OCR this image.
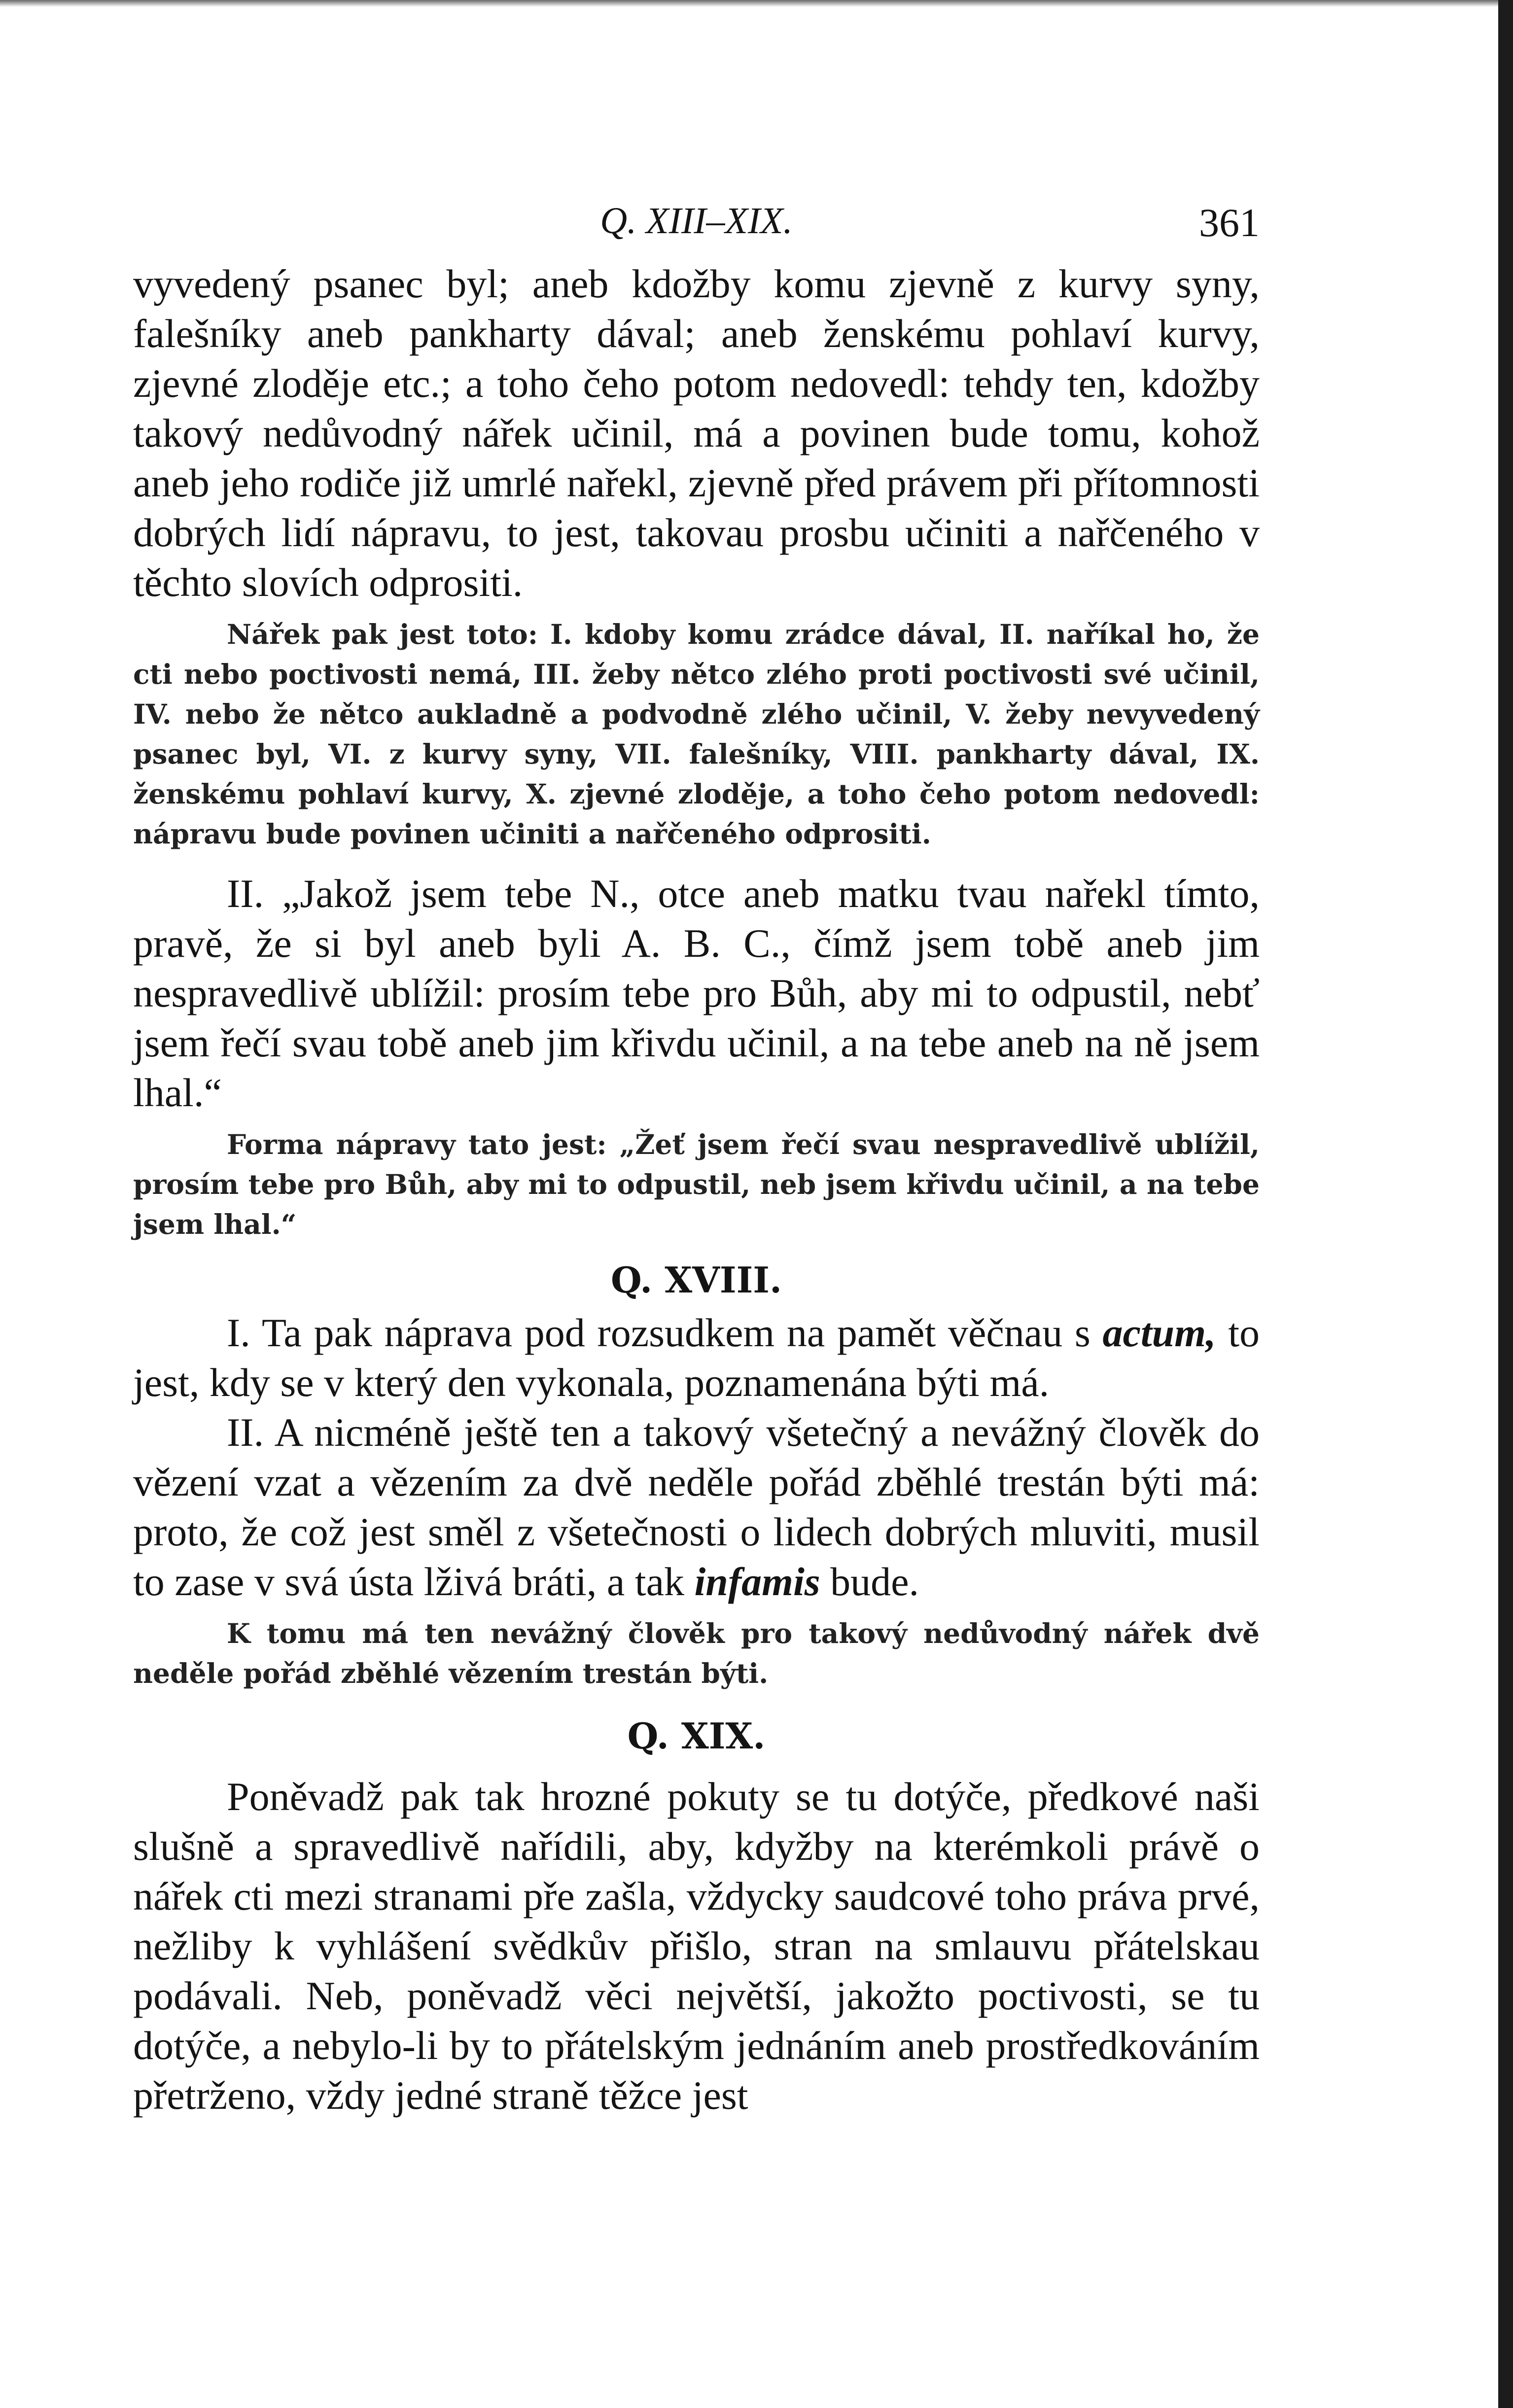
Q. XIII–XIX.	361

vyvedený psanec byl; aneb kdožby komu zjevně z kurvy syny, falešníky aneb pankharty dával; aneb ženskému pohlaví kurvy, zjevné zloděje etc.; a toho čeho potom nedovedl: tehdy ten, kdožby takový nedůvodný nářek učinil, má a povinen bude tomu, kohož aneb jeho rodiče již umrlé nařekl, zjevně před právem při přítomnosti dobrých lidí nápravu, to jest, takovau prosbu učiniti a nařčeného v těchto slovích odprositi.

Nářek pak jest toto: I. kdoby komu zrádce dával, II. naříkal ho, že cti nebo poctivosti nemá, III. žeby nětco zlého proti poctivosti své učinil, IV. nebo že nětco aukladně a podvodně zlého učinil, V. žeby nevyvedený psanec byl, VI. z kurvy syny, VII. falešníky, VIII. pankharty dával, IX. ženskému pohlaví kurvy, X. zjevné zloděje, a toho čeho potom nedovedl: nápravu bude povinen učiniti a nařčeného odprositi.

II. „Jakož jsem tebe N., otce aneb matku tvau nařekl tímto, pravě, že si byl aneb byli A. B. C., čímž jsem tobě aneb jim nespravedlivě ublížil: prosím tebe pro Bůh, aby mi to odpustil, nebť jsem řečí svau tobě aneb jim křivdu učinil, a na tebe aneb na ně jsem lhal.“

Forma nápravy tato jest: „Žeť jsem řečí svau nespravedlivě ublížil, prosím tebe pro Bůh, aby mi to odpustil, neb jsem křivdu učinil, a na tebe jsem lhal.“

Q. XVIII.

I. Ta pak náprava pod rozsudkem na pamět věčnau s actum, to jest, kdy se v který den vykonala, poznamenána býti má.

II. A nicméně ještě ten a takový všetečný a nevážný člověk do vězení vzat a vězením za dvě neděle pořád zběhlé trestán býti má: proto, že což jest směl z všetečnosti o lidech dobrých mluviti, musil to zase v svá ústa lživá bráti, a tak infamis bude.

K tomu má ten nevážný člověk pro takový nedůvodný nářek dvě neděle pořád zběhlé vězením trestán býti.

Q. XIX.

Poněvadž pak tak hrozné pokuty se tu dotýče, předkové naši slušně a spravedlivě nařídili, aby, kdyžby na kterémkoli právě o nářek cti mezi stranami pře zašla, vždycky saudcové toho práva prvé, nežliby k vyhlášení svědkův přišlo, stran na smlauvu přátelskau podávali. Neb, poněvadž věci největší, jakožto poctivosti, se tu dotýče, a nebylo-li by to přátelským jednáním aneb prostředkováním přetrženo, vždy jedné straně těžce jest
